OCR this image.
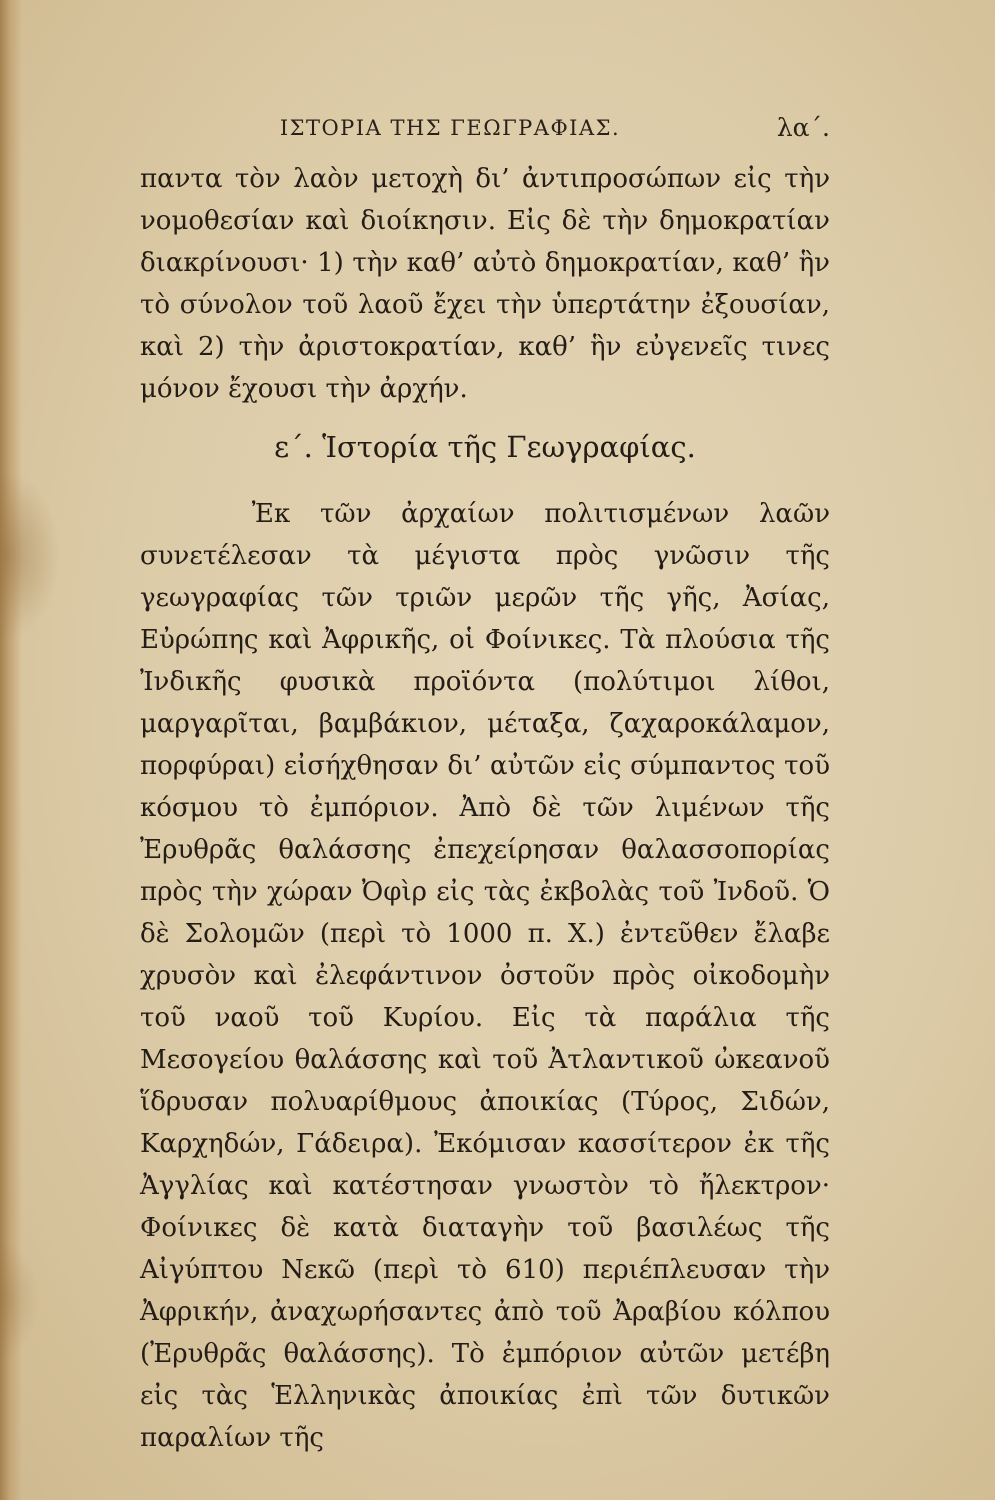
ΙΣΤΟΡΙΑ ΤΗΣ ΓΕΩΓΡΑΦΙΑΣ.	λα΄.

παντα τὸν λαὸν μετοχὴ δι’ ἀντιπροσώπων εἰς τὴν νομοθεσίαν καὶ διοίκησιν. Εἰς δὲ τὴν δημοκρατίαν διακρίνουσι· 1) τὴν καθ’ αὐτὸ δημοκρατίαν, καθ’ ἣν τὸ σύνολον τοῦ λαοῦ ἔχει τὴν ὑπερτάτην ἐξουσίαν, καὶ 2) τὴν ἀριστοκρατίαν, καθ’ ἣν εὐγενεῖς τινες μόνον ἔχουσι τὴν ἀρχήν.

ε΄. Ἱστορία τῆς Γεωγραφίας.

Ἐκ τῶν ἀρχαίων πολιτισμένων λαῶν συνετέλεσαν τὰ μέγιστα πρὸς γνῶσιν τῆς γεωγραφίας τῶν τριῶν μερῶν τῆς γῆς, Ἀσίας, Εὐρώπης καὶ Ἀφρικῆς, οἱ Φοίνικες. Τὰ πλούσια τῆς Ἰνδικῆς φυσικὰ προϊόντα (πολύτιμοι λίθοι, μαργαρῖται, βαμβάκιον, μέταξα, ζαχαροκάλαμον, πορφύραι) εἰσήχθησαν δι’ αὐτῶν εἰς σύμπαντος τοῦ κόσμου τὸ ἐμπόριον. Ἀπὸ δὲ τῶν λιμένων τῆς Ἐρυθρᾶς θαλάσσης ἐπεχείρησαν θαλασσοπορίας πρὸς τὴν χώραν Ὀφὶρ εἰς τὰς ἐκβολὰς τοῦ Ἰνδοῦ. Ὁ δὲ Σολομῶν (περὶ τὸ 1000 π. Χ.) ἐντεῦθεν ἔλαβε χρυσὸν καὶ ἐλεφάντινον ὀστοῦν πρὸς οἰκοδομὴν τοῦ ναοῦ τοῦ Κυρίου. Εἰς τὰ παράλια τῆς Μεσογείου θαλάσσης καὶ τοῦ Ἀτλαντικοῦ ὠκεανοῦ ἵδρυσαν πολυαρίθμους ἀποικίας (Τύρος, Σιδών, Καρχηδών, Γάδειρα). Ἐκόμισαν κασσίτερον ἐκ τῆς Ἀγγλίας καὶ κατέστησαν γνωστὸν τὸ ἤλεκτρον· Φοίνικες δὲ κατὰ διαταγὴν τοῦ βασιλέως τῆς Αἰγύπτου Νεκῶ (περὶ τὸ 610) περιέπλευσαν τὴν Ἀφρικήν, ἀναχωρήσαντες ἀπὸ τοῦ Ἀραβίου κόλπου (Ἐρυθρᾶς θαλάσσης). Τὸ ἐμπόριον αὐτῶν μετέβη εἰς τὰς Ἑλληνικὰς ἀποικίας ἐπὶ τῶν δυτικῶν παραλίων τῆς
